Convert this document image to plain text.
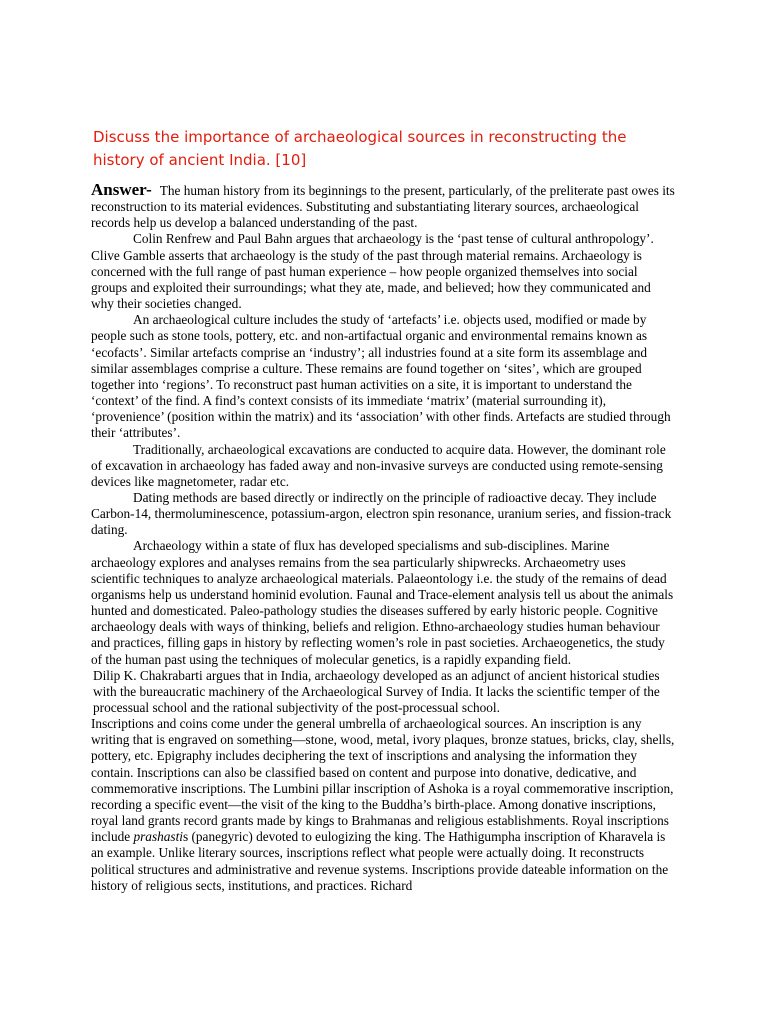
Discuss the importance of archaeological sources in reconstructing the history of ancient India. [10]

Answer- The human history from its beginnings to the present, particularly, of the preliterate past owes its reconstruction to its material evidences. Substituting and substantiating literary sources, archaeological records help us develop a balanced understanding of the past.

Colin Renfrew and Paul Bahn argues that archaeology is the ‘past tense of cultural anthropology’. Clive Gamble asserts that archaeology is the study of the past through material remains. Archaeology is concerned with the full range of past human experience – how people organized themselves into social groups and exploited their surroundings; what they ate, made, and believed; how they communicated and why their societies changed.

An archaeological culture includes the study of ‘artefacts’ i.e. objects used, modified or made by people such as stone tools, pottery, etc. and non-artifactual organic and environmental remains known as ‘ecofacts’. Similar artefacts comprise an ‘industry’; all industries found at a site form its assemblage and similar assemblages comprise a culture. These remains are found together on ‘sites’, which are grouped together into ‘regions’. To reconstruct past human activities on a site, it is important to understand the ‘context’ of the find. A find’s context consists of its immediate ‘matrix’ (material surrounding it), ‘provenience’ (position within the matrix) and its ‘association’ with other finds. Artefacts are studied through their ‘attributes’.

Traditionally, archaeological excavations are conducted to acquire data. However, the dominant role of excavation in archaeology has faded away and non-invasive surveys are conducted using remote-sensing devices like magnetometer, radar etc.

Dating methods are based directly or indirectly on the principle of radioactive decay. They include Carbon-14, thermoluminescence, potassium-argon, electron spin resonance, uranium series, and fission-track dating.

Archaeology within a state of flux has developed specialisms and sub-disciplines. Marine archaeology explores and analyses remains from the sea particularly shipwrecks. Archaeometry uses scientific techniques to analyze archaeological materials. Palaeontology i.e. the study of the remains of dead organisms help us understand hominid evolution. Faunal and Trace-element analysis tell us about the animals hunted and domesticated. Paleo-pathology studies the diseases suffered by early historic people. Cognitive archaeology deals with ways of thinking, beliefs and religion. Ethno-archaeology studies human behaviour and practices, filling gaps in history by reflecting women’s role in past societies. Archaeogenetics, the study of the human past using the techniques of molecular genetics, is a rapidly expanding field.

Dilip K. Chakrabarti argues that in India, archaeology developed as an adjunct of ancient historical studies with the bureaucratic machinery of the Archaeological Survey of India. It lacks the scientific temper of the processual school and the rational subjectivity of the post-processual school.

Inscriptions and coins come under the general umbrella of archaeological sources. An inscription is any writing that is engraved on something—stone, wood, metal, ivory plaques, bronze statues, bricks, clay, shells, pottery, etc. Epigraphy includes deciphering the text of inscriptions and analysing the information they contain. Inscriptions can also be classified based on content and purpose into donative, dedicative, and commemorative inscriptions. The Lumbini pillar inscription of Ashoka is a royal commemorative inscription, recording a specific event—the visit of the king to the Buddha’s birth-place. Among donative inscriptions, royal land grants record grants made by kings to Brahmanas and religious establishments. Royal inscriptions include prashastis (panegyric) devoted to eulogizing the king. The Hathigumpha inscription of Kharavela is an example. Unlike literary sources, inscriptions reflect what people were actually doing. It reconstructs political structures and administrative and revenue systems. Inscriptions provide dateable information on the history of religious sects, institutions, and practices. Richard
